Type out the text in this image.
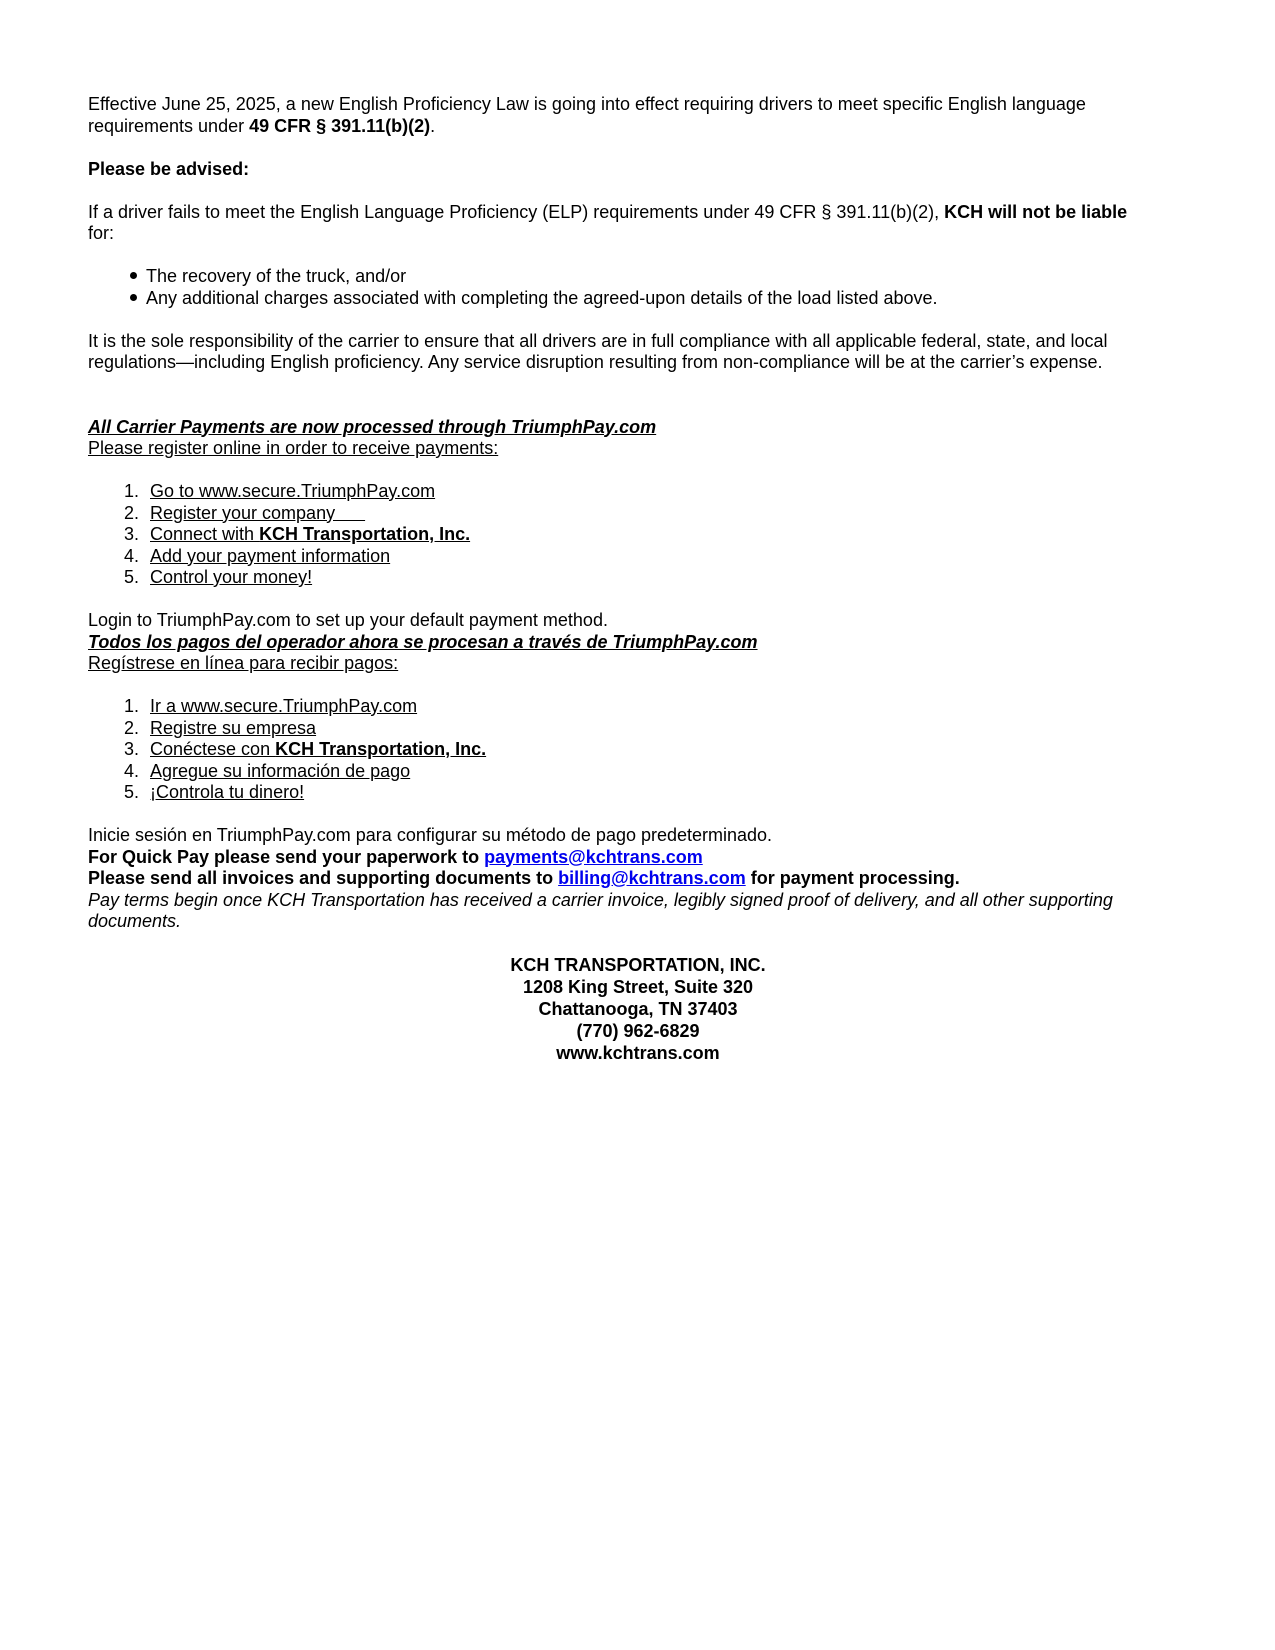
Effective June 25, 2025, a new English Proficiency Law is going into effect requiring drivers to meet specific English language requirements under 49 CFR § 391.11(b)(2).

Please be advised:

If a driver fails to meet the English Language Proficiency (ELP) requirements under 49 CFR § 391.11(b)(2), KCH will not be liable
for:

The recovery of the truck, and/or
Any additional charges associated with completing the agreed-upon details of the load listed above.

It is the sole responsibility of the carrier to ensure that all drivers are in full compliance with all applicable federal, state, and local regulations—including English proficiency. Any service disruption resulting from non-compliance will be at the carrier’s expense.

All Carrier Payments are now processed through TriumphPay.com

Please register online in order to receive payments:

1. Go to www.secure.TriumphPay.com
2. Register your company
3. Connect with KCH Transportation, Inc.
4. Add your payment information
5. Control your money!

Login to TriumphPay.com to set up your default payment method.

Todos los pagos del operador ahora se procesan a través de TriumphPay.com

Regístrese en línea para recibir pagos:

1. Ir a www.secure.TriumphPay.com
2. Registre su empresa
3. Conéctese con KCH Transportation, Inc.
4. Agregue su información de pago
5. ¡Controla tu dinero!

Inicie sesión en TriumphPay.com para configurar su método de pago predeterminado.

For Quick Pay please send your paperwork to payments@kchtrans.com

Please send all invoices and supporting documents to billing@kchtrans.com for payment processing.

Pay terms begin once KCH Transportation has received a carrier invoice, legibly signed proof of delivery, and all other supporting documents.

KCH TRANSPORTATION, INC.

1208 King Street, Suite 320

Chattanooga, TN 37403

(770) 962-6829

www.kchtrans.com
